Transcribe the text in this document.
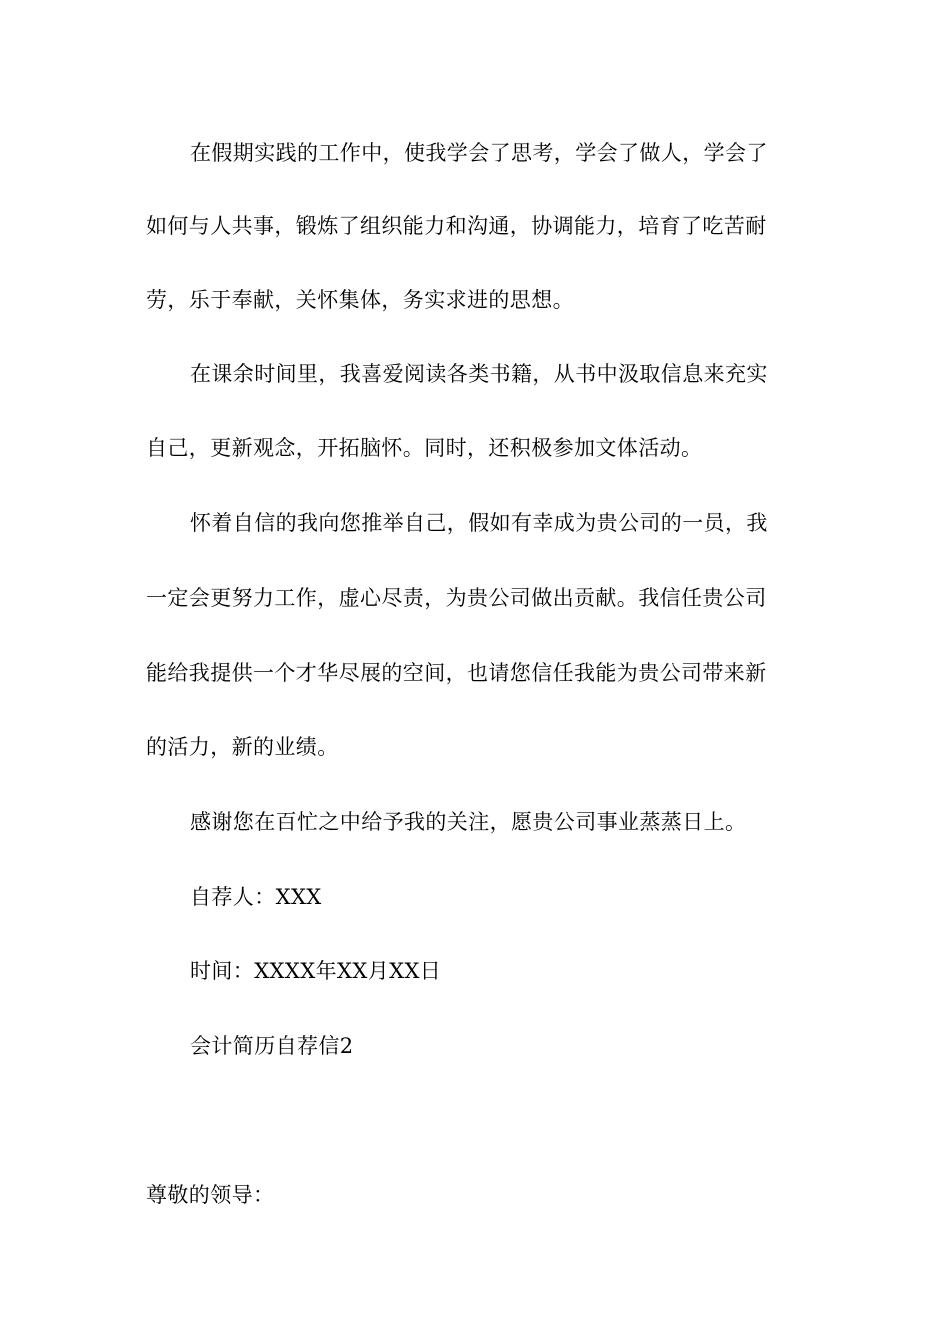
在假期实践的工作中，使我学会了思考，学会了做人，学会了
如何与人共事，锻炼了组织能力和沟通，协调能力，培育了吃苦耐
劳，乐于奉献，关怀集体，务实求进的思想。
在课余时间里，我喜爱阅读各类书籍，从书中汲取信息来充实
自己，更新观念，开拓脑怀。同时，还积极参加文体活动。
怀着自信的我向您推举自己，假如有幸成为贵公司的一员，我
一定会更努力工作，虚心尽责，为贵公司做出贡献。我信任贵公司
能给我提供一个才华尽展的空间，也请您信任我能为贵公司带来新
的活力，新的业绩。
感谢您在百忙之中给予我的关注，愿贵公司事业蒸蒸日上。
自荐人：XXX
时间：XXXX年XX月XX日
会计简历自荐信2
尊敬的领导：
